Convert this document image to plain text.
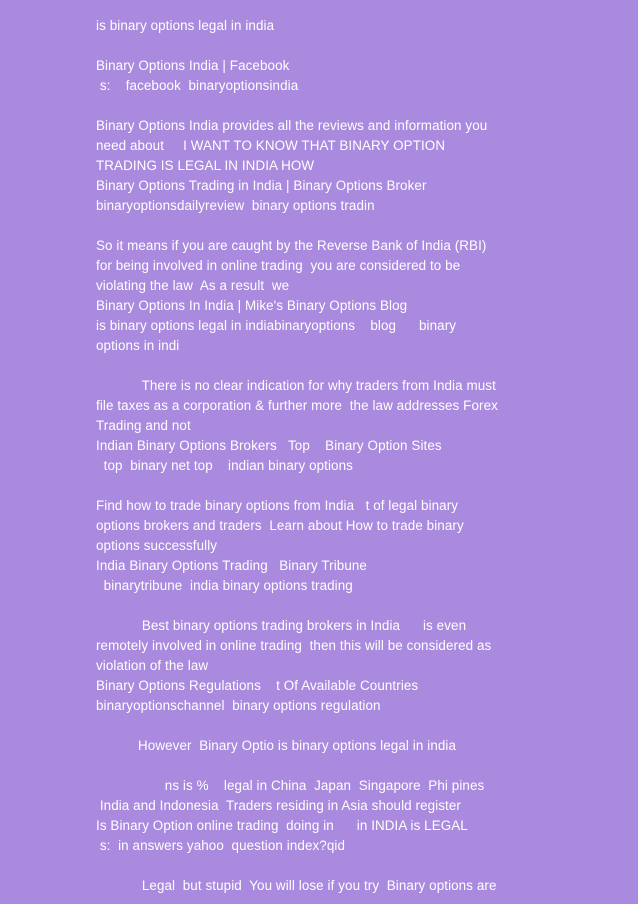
is binary options legal in india
Binary Options India | Facebook
s:    facebook  binaryoptionsindia
Binary Options India provides all the reviews and information you
need about     I WANT TO KNOW THAT BINARY OPTION
TRADING IS LEGAL IN INDIA HOW
Binary Options Trading in India | Binary Options Broker
binaryoptionsdailyreview  binary options tradin
So it means if you are caught by the Reverse Bank of India (RBI)
for being involved in online trading  you are considered to be
violating the law  As a result  we
Binary Options In India | Mike's Binary Options Blog
is binary options legal in indiabinaryoptions    blog      binary
options in indi
There is no clear indication for why traders from India must
file taxes as a corporation & further more  the law addresses Forex
Trading and not
Indian Binary Options Brokers   Top    Binary Option Sites
top  binary net top    indian binary options
Find how to trade binary options from India   t of legal binary
options brokers and traders  Learn about How to trade binary
options successfully
India Binary Options Trading   Binary Tribune
binarytribune  india binary options trading
Best binary options trading brokers in India      is even
remotely involved in online trading  then this will be considered as
violation of the law
Binary Options Regulations    t Of Available Countries
binaryoptionschannel  binary options regulation
However  Binary Optio is binary options legal in india
ns is %    legal in China  Japan  Singapore  Phi pines
India and Indonesia  Traders residing in Asia should register
Is Binary Option online trading  doing in      in INDIA is LEGAL
s:  in answers yahoo  question index?qid
Legal  but stupid  You will lose if you try  Binary options are
